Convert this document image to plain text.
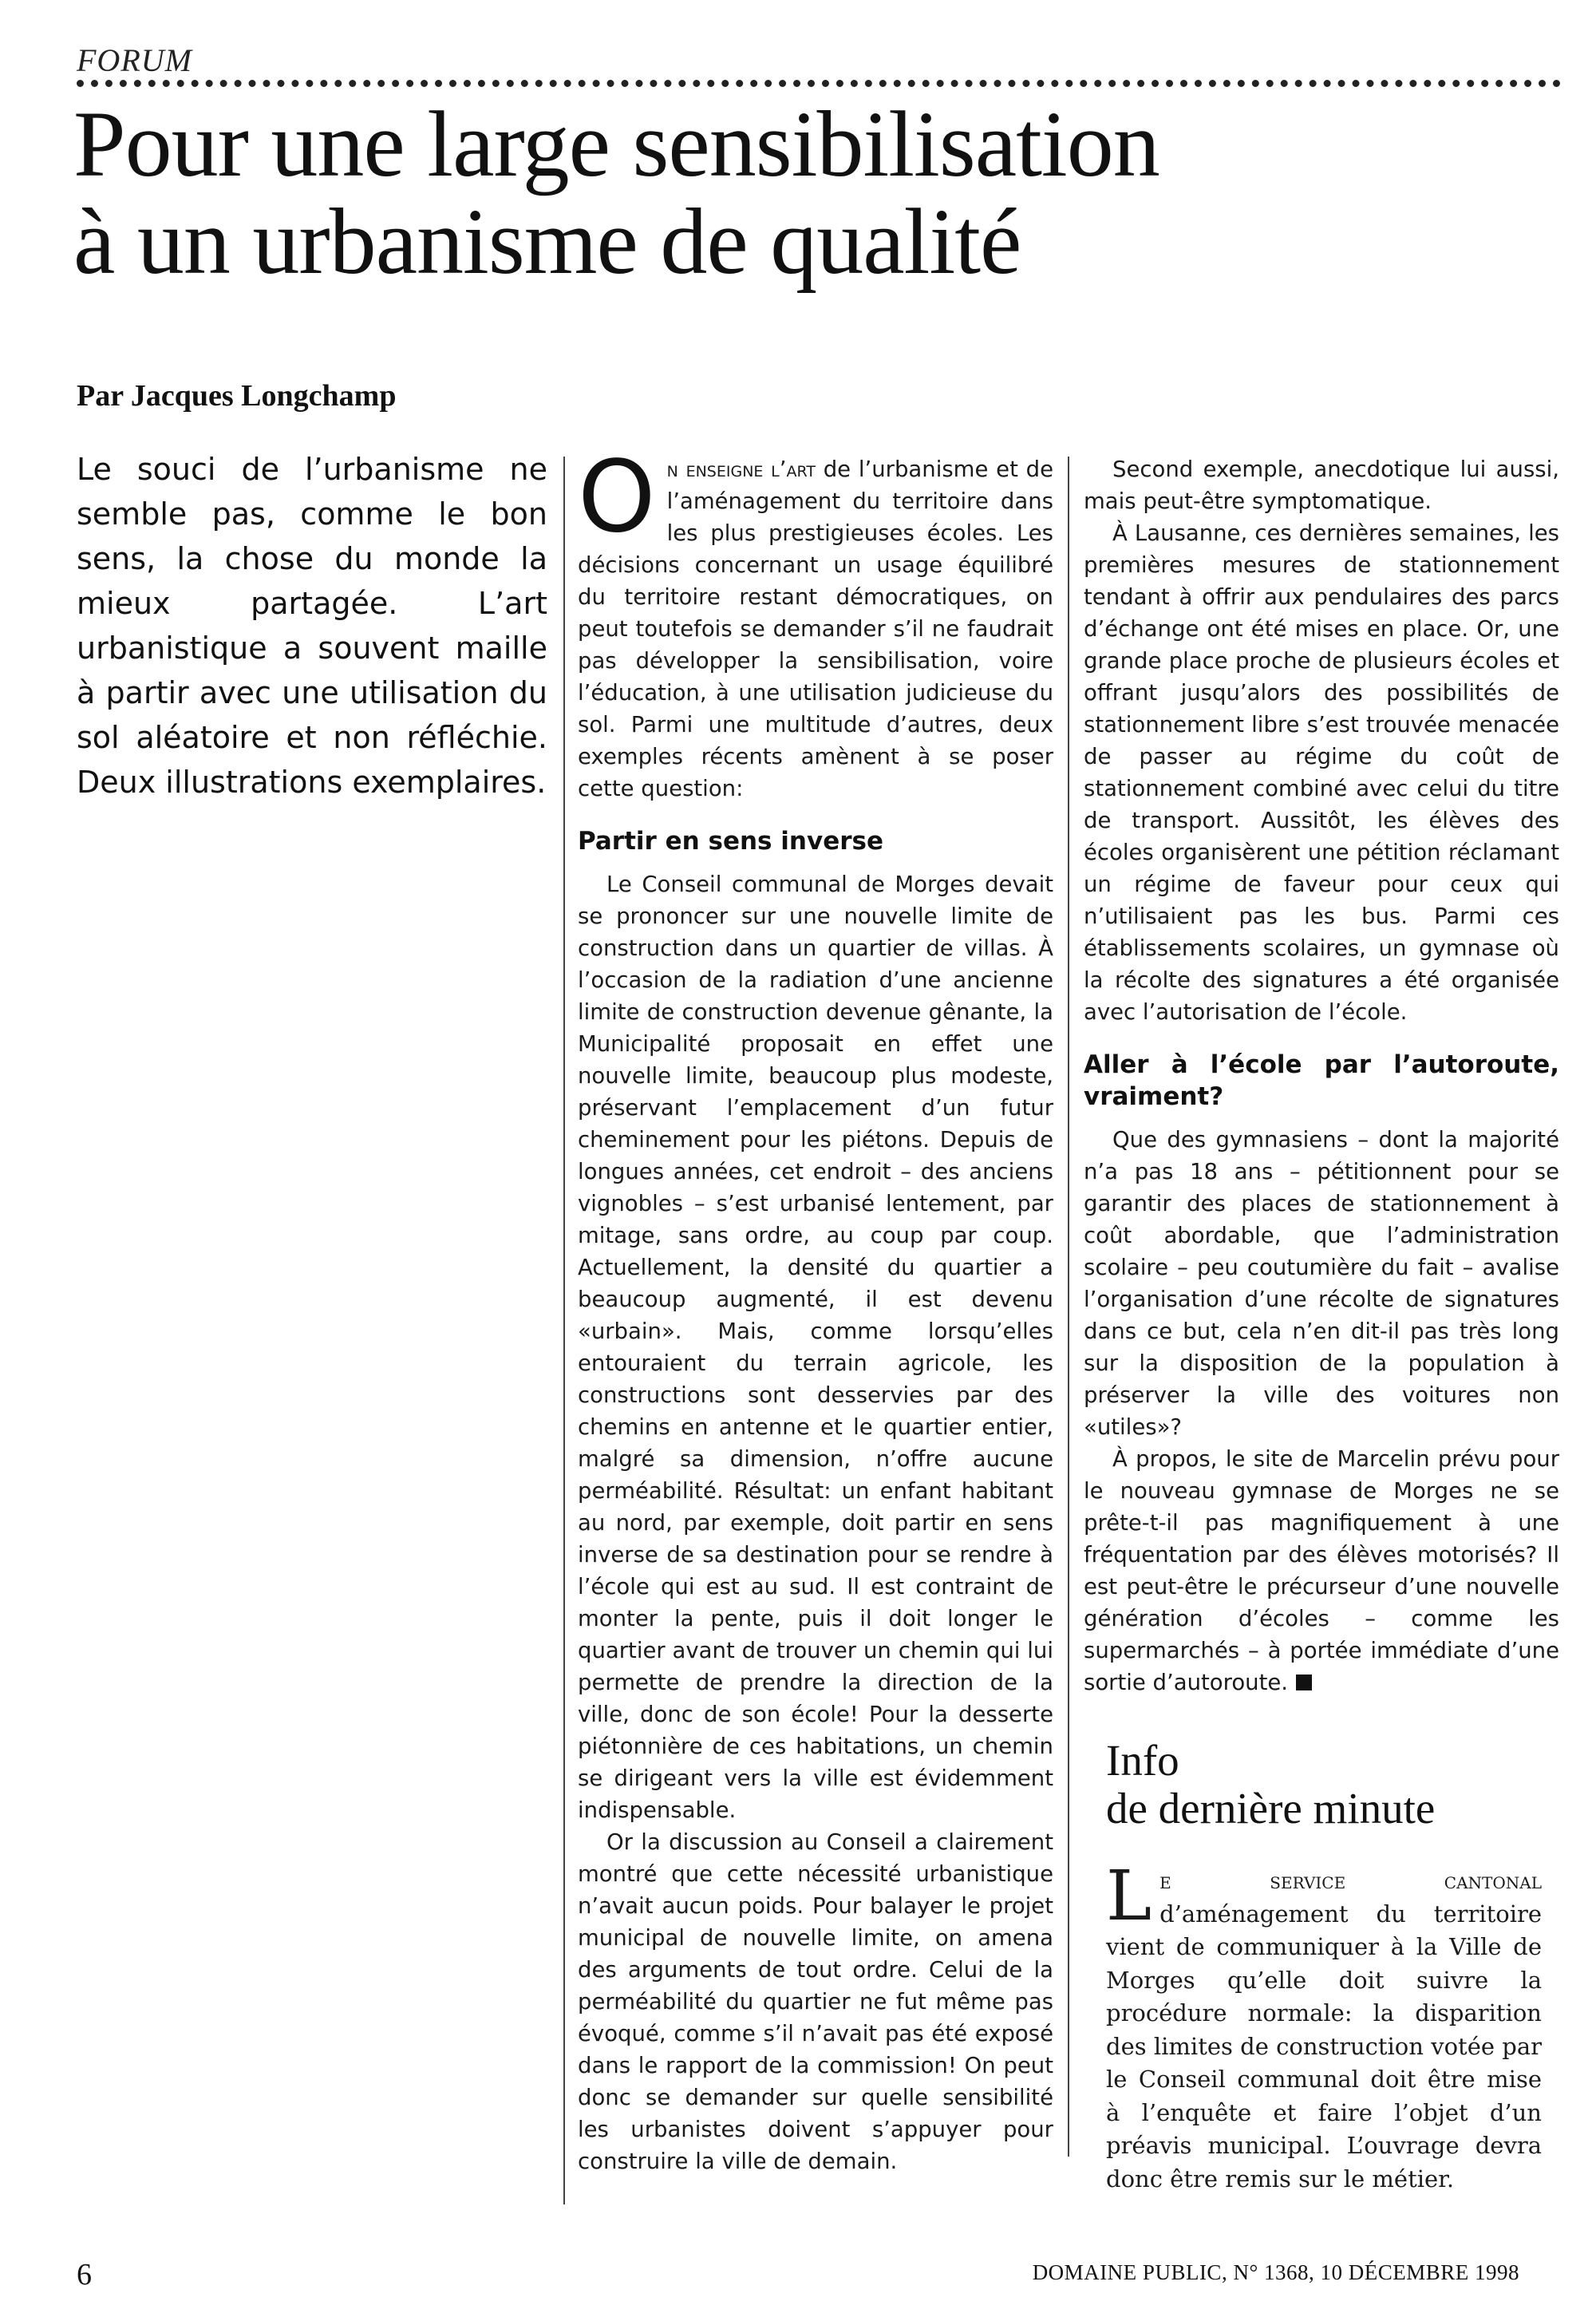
FORUM
Pour une large sensibilisation
à un urbanisme de qualité
Par Jacques Longchamp

Le souci de l’urbanisme ne semble pas, comme le bon sens, la chose du monde la mieux partagée. L’art urbanistique a souvent maille à partir avec une utilisation du sol aléatoire et non réfléchie. Deux illustrations exemplaires.

On enseigne l’art de l’urbanisme et de l’aménagement du territoire dans les plus prestigieuses écoles. Les décisions concernant un usage équilibré du territoire restant démocratiques, on peut toutefois se demander s’il ne faudrait pas développer la sensibilisation, voire l’éducation, à une utilisation judicieuse du sol. Parmi une multitude d’autres, deux exemples récents amènent à se poser cette question:

Partir en sens inverse

Le Conseil communal de Morges devait se prononcer sur une nouvelle limite de construction dans un quartier de villas. À l’occasion de la radiation d’une ancienne limite de construction devenue gênante, la Municipalité proposait en effet une nouvelle limite, beaucoup plus modeste, préservant l’emplacement d’un futur cheminement pour les piétons. Depuis de longues années, cet endroit – des anciens vignobles – s’est urbanisé lentement, par mitage, sans ordre, au coup par coup. Actuellement, la densité du quartier a beaucoup augmenté, il est devenu «urbain». Mais, comme lorsqu’elles entouraient du terrain agricole, les constructions sont desservies par des chemins en antenne et le quartier entier, malgré sa dimension, n’offre aucune perméabilité. Résultat: un enfant habitant au nord, par exemple, doit partir en sens inverse de sa destination pour se rendre à l’école qui est au sud. Il est contraint de monter la pente, puis il doit longer le quartier avant de trouver un chemin qui lui permette de prendre la direction de la ville, donc de son école! Pour la desserte piétonnière de ces habitations, un chemin se dirigeant vers la ville est évidemment indispensable.

Or la discussion au Conseil a clairement montré que cette nécessité urbanistique n’avait aucun poids. Pour balayer le projet municipal de nouvelle limite, on amena des arguments de tout ordre. Celui de la perméabilité du quartier ne fut même pas évoqué, comme s’il n’avait pas été exposé dans le rapport de la commission! On peut donc se demander sur quelle sensibilité les urbanistes doivent s’appuyer pour construire la ville de demain.

Second exemple, anecdotique lui aussi, mais peut-être symptomatique.

À Lausanne, ces dernières semaines, les premières mesures de stationnement tendant à offrir aux pendulaires des parcs d’échange ont été mises en place. Or, une grande place proche de plusieurs écoles et offrant jusqu’alors des possibilités de stationnement libre s’est trouvée menacée de passer au régime du coût de stationnement combiné avec celui du titre de transport. Aussitôt, les élèves des écoles organisèrent une pétition réclamant un régime de faveur pour ceux qui n’utilisaient pas les bus. Parmi ces établissements scolaires, un gymnase où la récolte des signatures a été organisée avec l’autorisation de l’école.

Aller à l’école par l’autoroute, vraiment?

Que des gymnasiens – dont la majorité n’a pas 18 ans – pétitionnent pour se garantir des places de stationnement à coût abordable, que l’administration scolaire – peu coutumière du fait – avalise l’organisation d’une récolte de signatures dans ce but, cela n’en dit-il pas très long sur la disposition de la population à préserver la ville des voitures non «utiles»?

À propos, le site de Marcelin prévu pour le nouveau gymnase de Morges ne se prête-t-il pas magnifiquement à une fréquentation par des élèves motorisés? Il est peut-être le précurseur d’une nouvelle génération d’écoles – comme les supermarchés – à portée immédiate d’une sortie d’autoroute.

Info
de dernière minute

Le service cantonal d’aménagement du territoire vient de communiquer à la Ville de Morges qu’elle doit suivre la procédure normale: la disparition des limites de construction votée par le Conseil communal doit être mise à l’enquête et faire l’objet d’un préavis municipal. L’ouvrage devra donc être remis sur le métier.

6	DOMAINE PUBLIC, N° 1368, 10 DÉCEMBRE 1998
